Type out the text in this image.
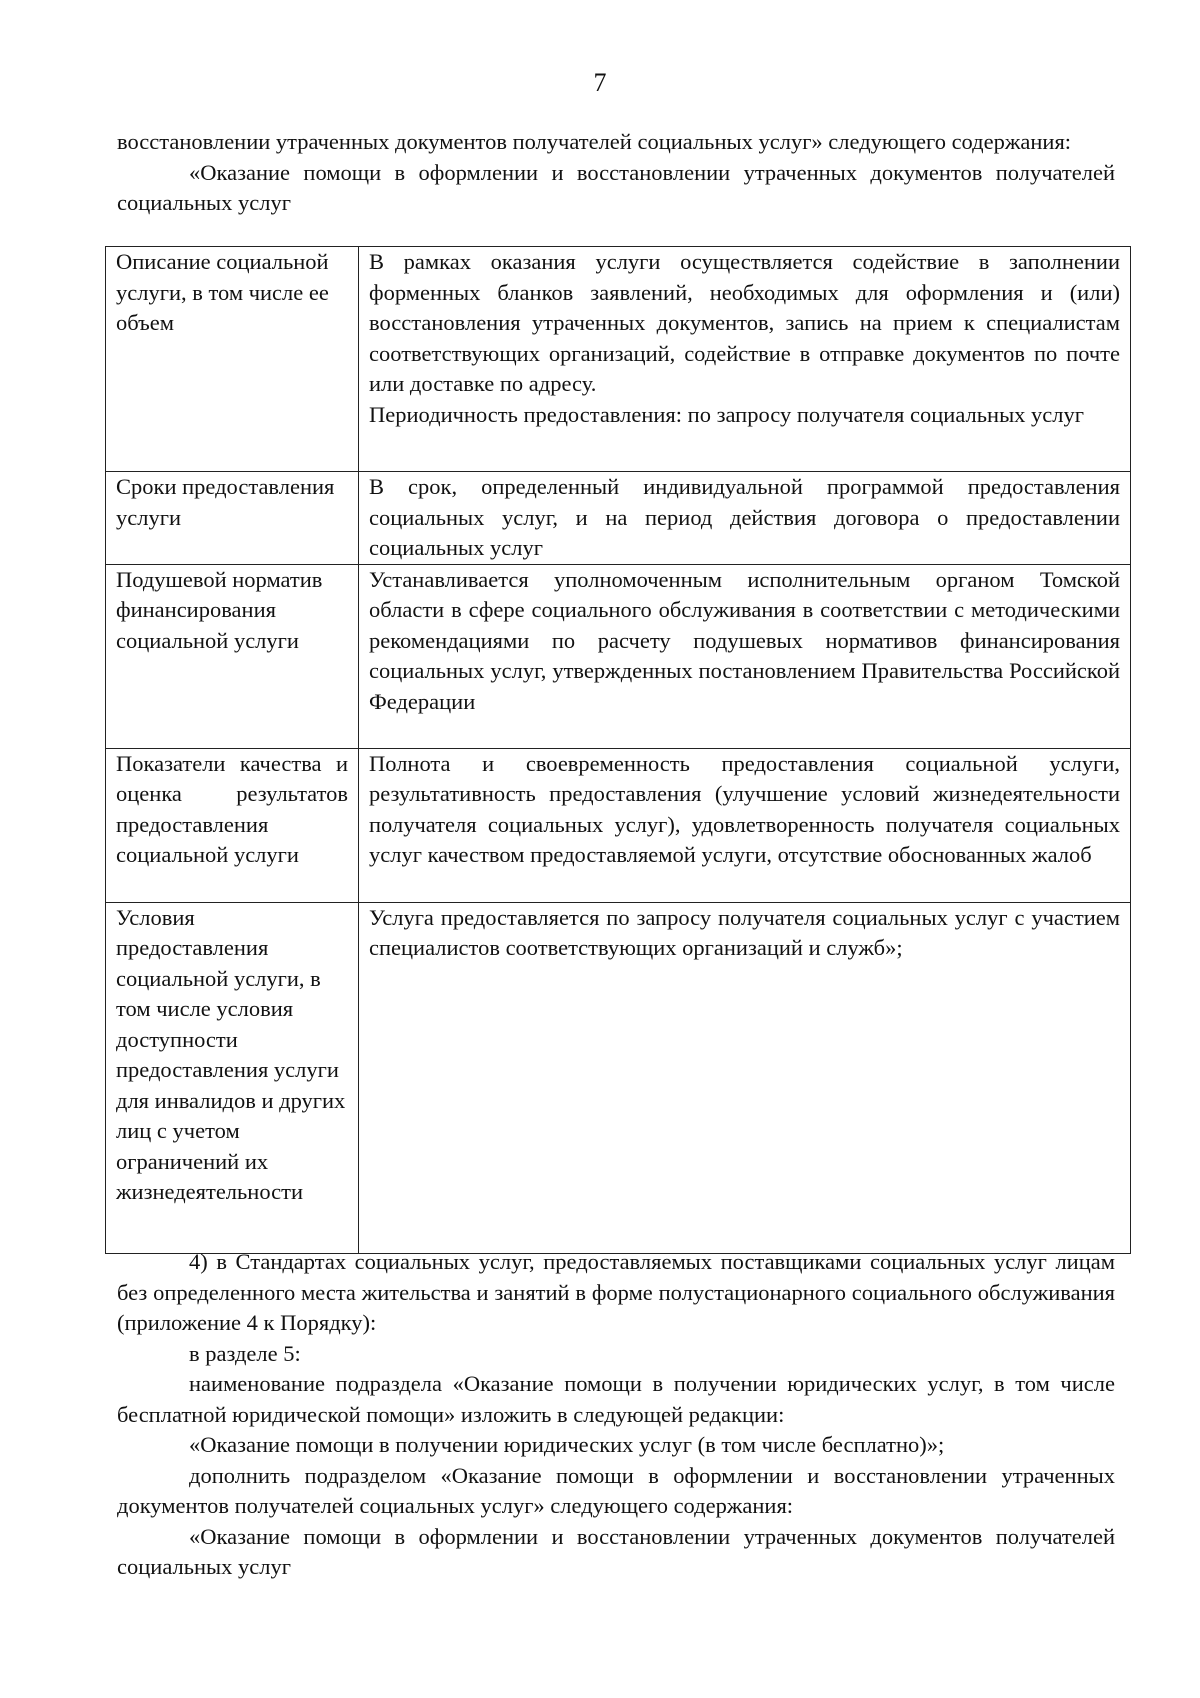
7

восстановлении утраченных документов получателей социальных услуг» следующего содержания:

«Оказание помощи в оформлении и восстановлении утраченных документов получателей социальных услуг

Описание социальной услуги, в том числе ее объем	В рамках оказания услуги осуществляется содействие в заполнении форменных бланков заявлений, необходимых для оформления и (или) восстановления утраченных документов, запись на прием к специалистам соответствующих организаций, содействие в отправке документов по почте или доставке по адресу.

Периодичность предоставления: по запросу получателя социальных услуг

Сроки предоставления услуги	В срок, определенный индивидуальной программой предоставления социальных услуг, и на период действия договора о предоставлении социальных услуг
Подушевой норматив финансирования социальной услуги	Устанавливается уполномоченным исполнительным органом Томской области в сфере социального обслуживания в соответствии с методическими рекомендациями по расчету подушевых нормативов финансирования социальных услуг, утвержденных постановлением Правительства Российской Федерации
Показатели качества и оценка результатов предоставления социальной услуги	Полнота и своевременность предоставления социальной услуги, результативность предоставления (улучшение условий жизнедеятельности получателя социальных услуг), удовлетворенность получателя социальных услуг качеством предоставляемой услуги, отсутствие обоснованных жалоб
Условия предоставления социальной услуги, в том числе условия доступности предоставления услуги для инвалидов и других лиц с учетом ограничений их жизнедеятельности	Услуга предоставляется по запросу получателя социальных услуг с участием специалистов соответствующих организаций и служб»;

4) в Стандартах социальных услуг, предоставляемых поставщиками социальных услуг лицам без определенного места жительства и занятий в форме полустационарного социального обслуживания (приложение 4 к Порядку):

в разделе 5:

наименование подраздела «Оказание помощи в получении юридических услуг, в том числе бесплатной юридической помощи» изложить в следующей редакции:

«Оказание помощи в получении юридических услуг (в том числе бесплатно)»;

дополнить подразделом «Оказание помощи в оформлении и восстановлении утраченных документов получателей социальных услуг» следующего содержания:

«Оказание помощи в оформлении и восстановлении утраченных документов получателей социальных услуг
